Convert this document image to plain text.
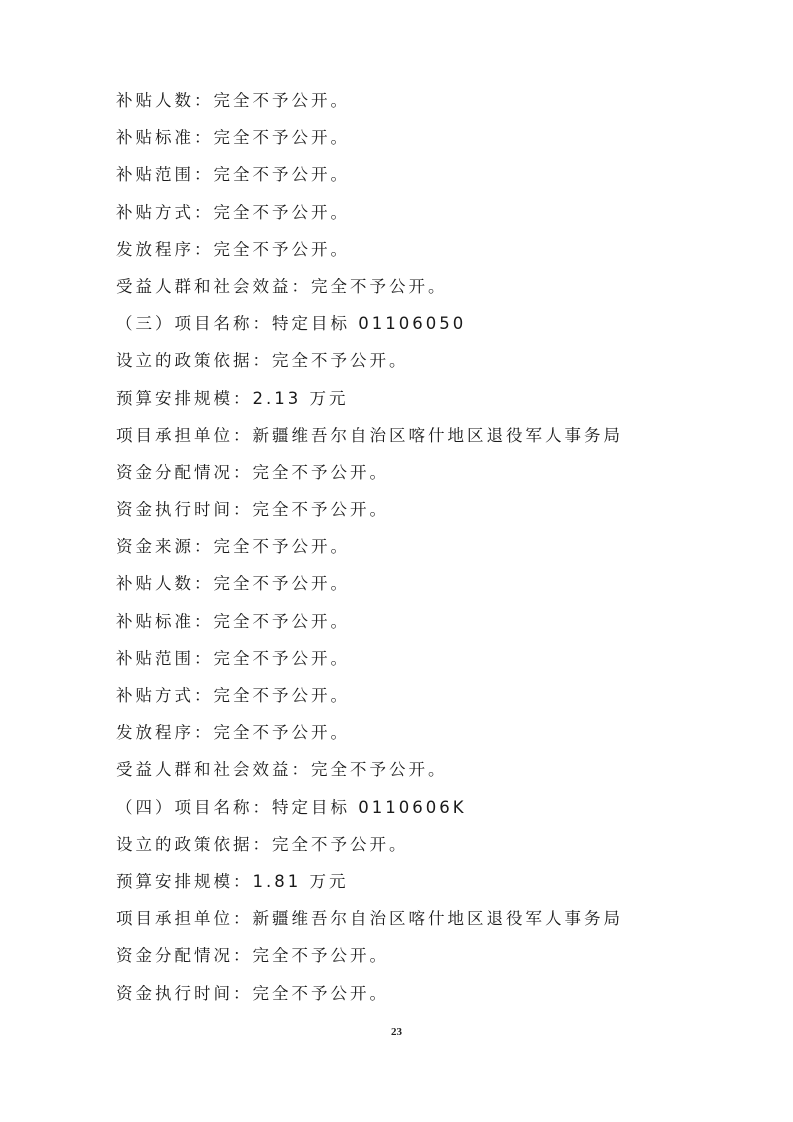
补贴人数：完全不予公开。
补贴标准：完全不予公开。
补贴范围：完全不予公开。
补贴方式：完全不予公开。
发放程序：完全不予公开。
受益人群和社会效益：完全不予公开。
（三）项目名称：特定目标 01106050
设立的政策依据：完全不予公开。
预算安排规模：2.13 万元
项目承担单位：新疆维吾尔自治区喀什地区退役军人事务局
资金分配情况：完全不予公开。
资金执行时间：完全不予公开。
资金来源：完全不予公开。
补贴人数：完全不予公开。
补贴标准：完全不予公开。
补贴范围：完全不予公开。
补贴方式：完全不予公开。
发放程序：完全不予公开。
受益人群和社会效益：完全不予公开。
（四）项目名称：特定目标 0110606K
设立的政策依据：完全不予公开。
预算安排规模：1.81 万元
项目承担单位：新疆维吾尔自治区喀什地区退役军人事务局
资金分配情况：完全不予公开。
资金执行时间：完全不予公开。
23
